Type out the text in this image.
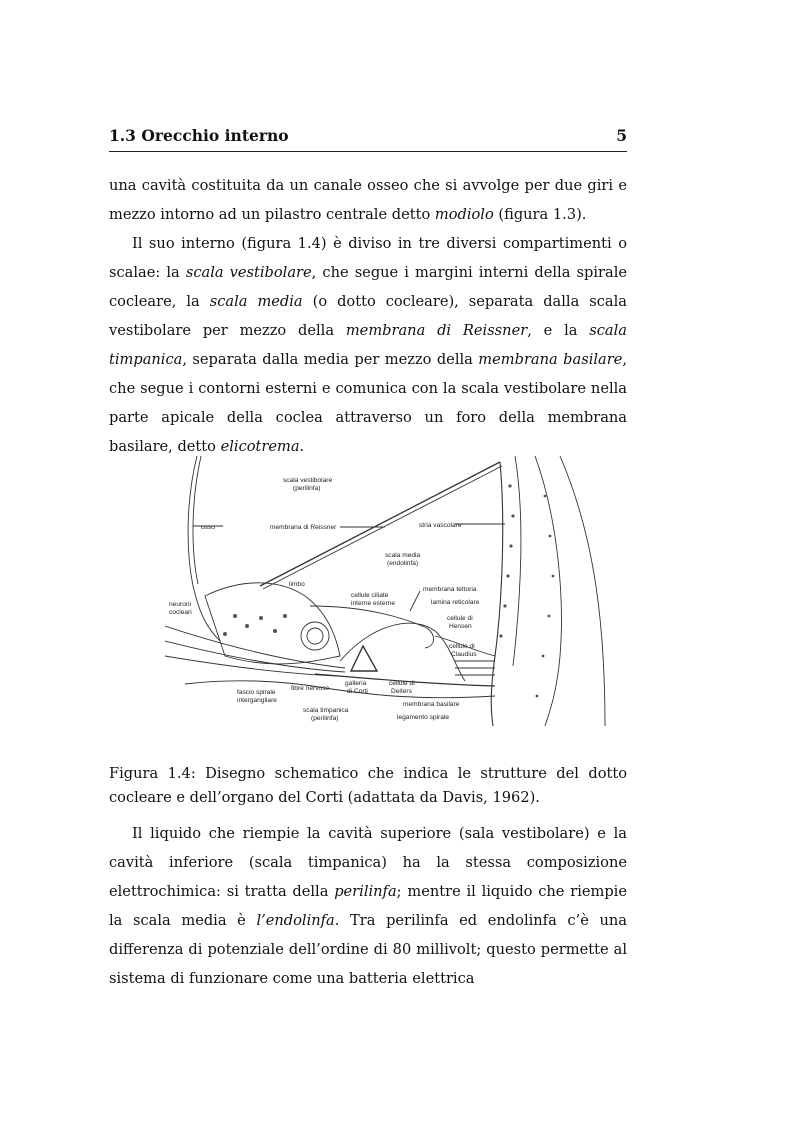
1.3 Orecchio interno	5

una cavità costituita da un canale osseo che si avvolge per due giri e mezzo intorno ad un pilastro centrale detto modiolo (figura 1.3).

Il suo interno (figura 1.4) è diviso in tre diversi compartimenti o scalae: la scala vestibolare, che segue i margini interni della spirale cocleare, la scala media (o dotto cocleare), separata dalla scala vestibolare per mezzo della membrana di Reissner, e la scala timpanica, separata dalla media per mezzo della membrana basilare, che segue i contorni esterni e comunica con la scala vestibolare nella parte apicale della coclea attraverso un foro della membrana basilare, detto elicotrema.

scala vestibolare
(perilinfa)
osso	membrana di Reissner	stria vascolare
scala media
(endolinfa)
limbo
neuroni
cocleari
cellule ciliate
interne esterne
membrana tettoria
lamina reticolare
cellule di
Hensen
cellule di
Claudius
fibre nervose
galleria
di Corti
cellule di
Deiters
fascio spirale
intergangliare
scala timpanica
(perilinfa)
membrana basilare
legamento spirale

Figura 1.4: Disegno schematico che indica le strutture del dotto cocleare e dell’organo del Corti (adattata da Davis, 1962).

Il liquido che riempie la cavità superiore (sala vestibolare) e la cavità inferiore (scala timpanica) ha la stessa composizione elettrochimica: si tratta della perilinfa; mentre il liquido che riempie la scala media è l’endolinfa. Tra perilinfa ed endolinfa c’è una differenza di potenziale dell’ordine di 80 millivolt; questo permette al sistema di funzionare come una batteria elettrica
